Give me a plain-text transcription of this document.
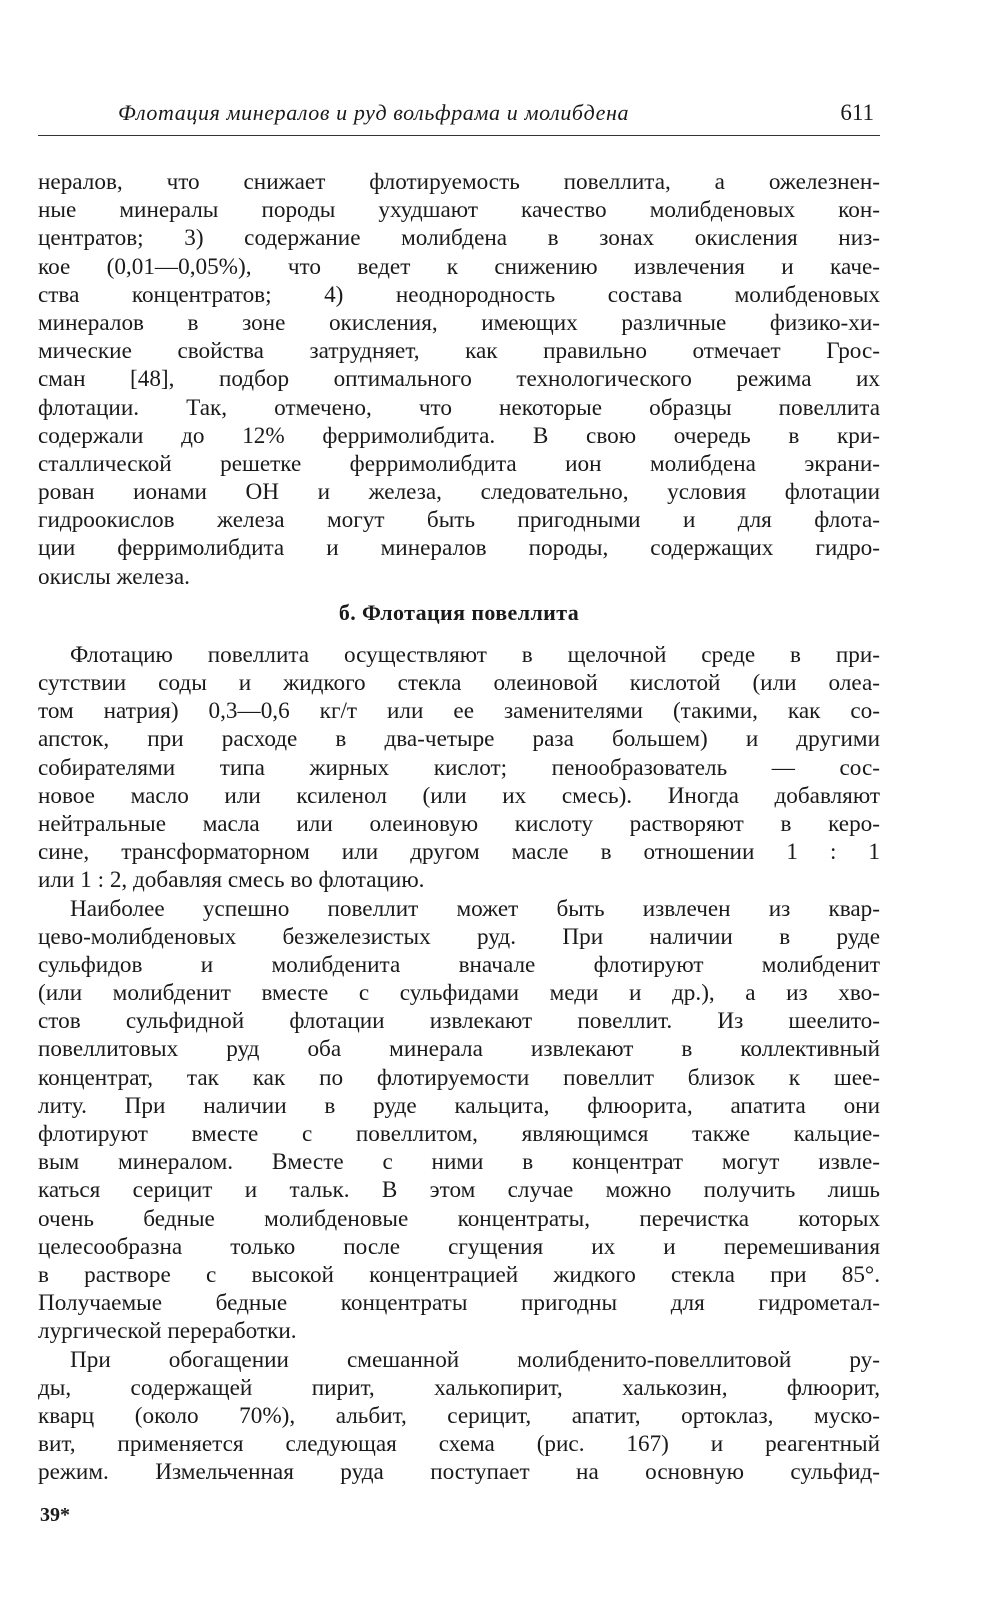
Флотация минералов и руд вольфрама и молибдена	611
нералов, что снижает флотируемость повеллита, а ожелезнен-
ные минералы породы ухудшают качество молибденовых кон-
центратов; 3) содержание молибдена в зонах окисления низ-
кое (0,01—0,05%), что ведет к снижению извлечения и каче-
ства концентратов; 4) неоднородность состава молибденовых
минералов в зоне окисления, имеющих различные физико-хи-
мические свойства затрудняет, как правильно отмечает Грос-
сман [48], подбор оптимального технологического режима их
флотации. Так, отмечено, что некоторые образцы повеллита
содержали до 12% ферримолибдита. В свою очередь в кри-
сталлической решетке ферримолибдита ион молибдена экрани-
рован ионами ОН и железа, следовательно, условия флотации
гидроокислов железа могут быть пригодными и для флота-
ции ферримолибдита и минералов породы, содержащих гидро-
окислы железа.
б. Флотация повеллита
Флотацию повеллита осуществляют в щелочной среде в при-
сутствии соды и жидкого стекла олеиновой кислотой (или олеа-
том натрия) 0,3—0,6 кг/т или ее заменителями (такими, как со-
апсток, при расходе в два-четыре раза большем) и другими
собирателями типа жирных кислот; пенообразователь — сос-
новое масло или ксиленол (или их смесь). Иногда добавляют
нейтральные масла или олеиновую кислоту растворяют в керо-
сине, трансформаторном или другом масле в отношении 1 : 1
или 1 : 2, добавляя смесь во флотацию.
Наиболее успешно повеллит может быть извлечен из квар-
цево-молибденовых безжелезистых руд. При наличии в руде
сульфидов и молибденита вначале флотируют молибденит
(или молибденит вместе с сульфидами меди и др.), а из хво-
стов сульфидной флотации извлекают повеллит. Из шеелито-
повеллитовых руд оба минерала извлекают в коллективный
концентрат, так как по флотируемости повеллит близок к шее-
литу. При наличии в руде кальцита, флюорита, апатита они
флотируют вместе с повеллитом, являющимся также кальцие-
вым минералом. Вместе с ними в концентрат могут извле-
каться серицит и тальк. В этом случае можно получить лишь
очень бедные молибденовые концентраты, перечистка которых
целесообразна только после сгущения их и перемешивания
в растворе с высокой концентрацией жидкого стекла при 85°.
Получаемые бедные концентраты пригодны для гидрометал-
лургической переработки.
При обогащении смешанной молибденито-повеллитовой ру-
ды, содержащей пирит, халькопирит, халькозин, флюорит,
кварц (около 70%), альбит, серицит, апатит, ортоклаз, муско-
вит, применяется следующая схема (рис. 167) и реагентный
режим. Измельченная руда поступает на основную сульфид-
39*
